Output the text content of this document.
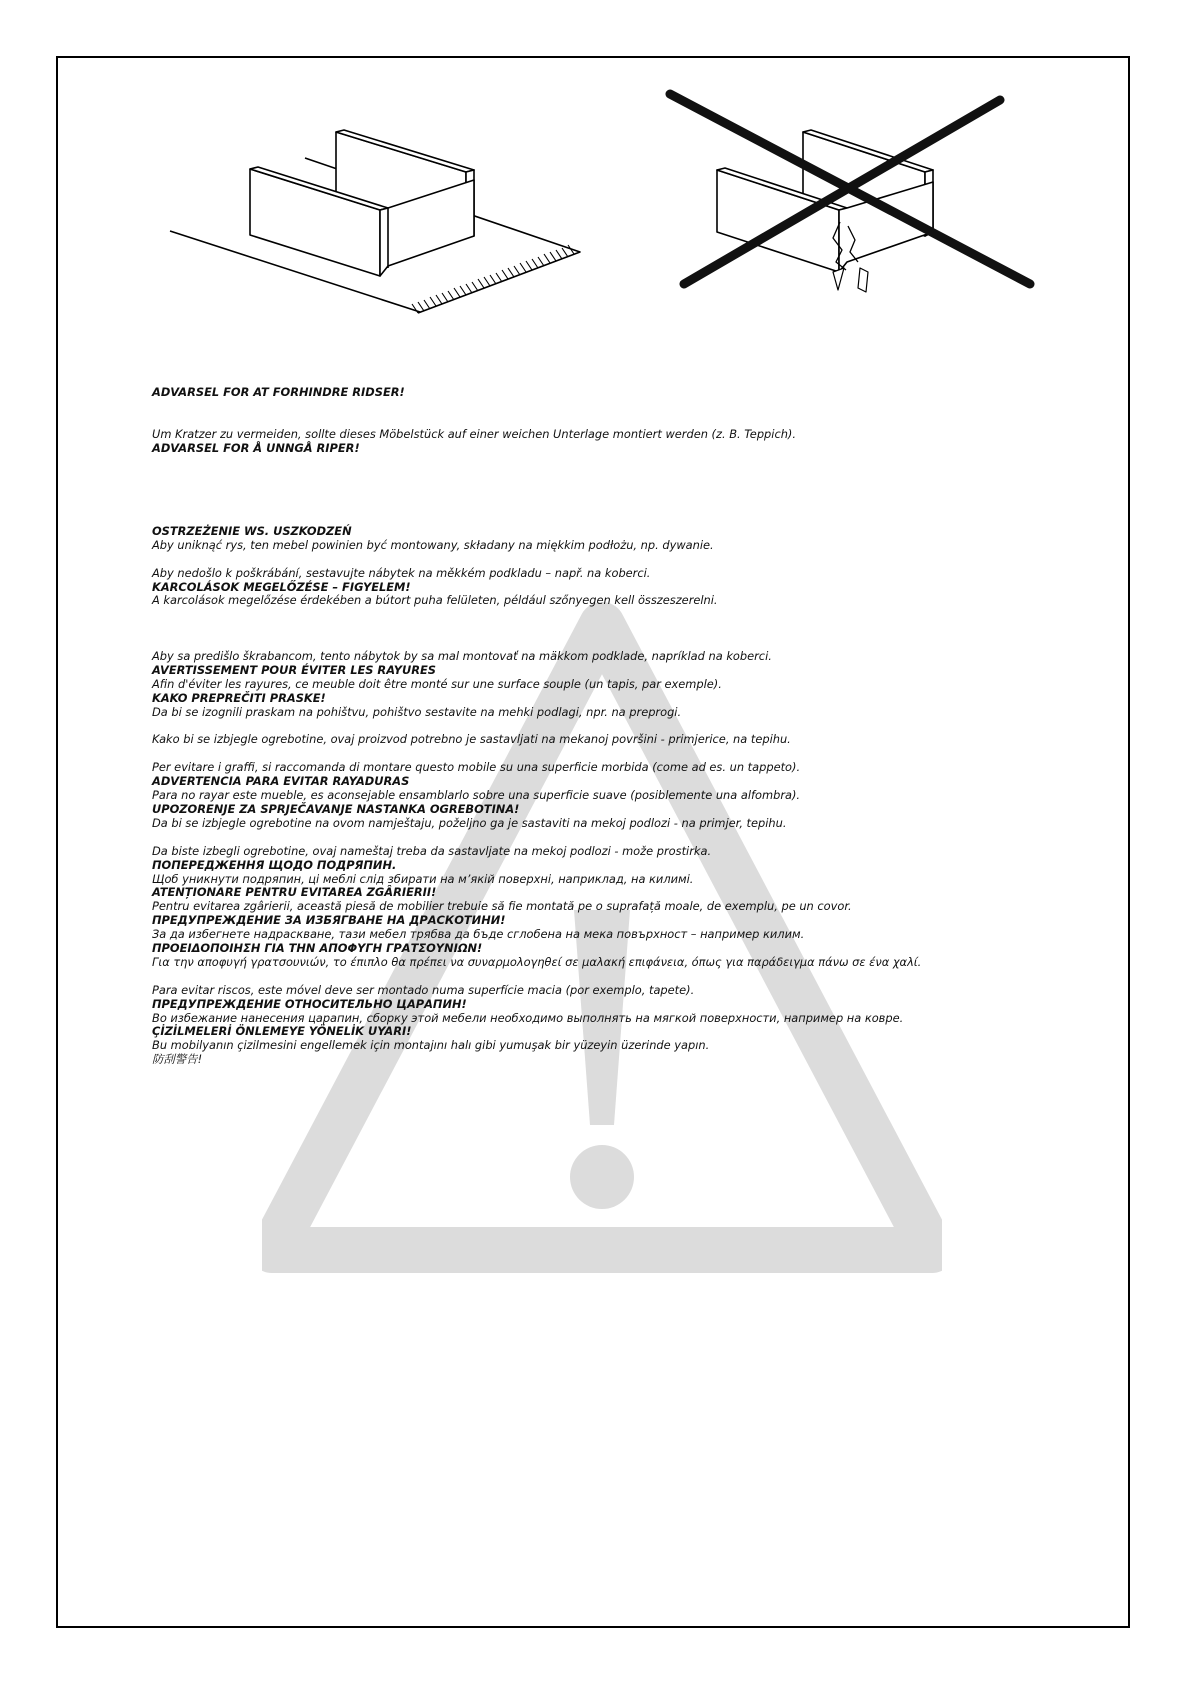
ADVARSEL FOR AT FORHINDRE RIDSER!
Um Kratzer zu vermeiden, sollte dieses Möbelstück auf einer weichen Unterlage montiert werden (z. B. Teppich).
ADVARSEL FOR Å UNNGÅ RIPER!
OSTRZEŻENIE WS. USZKODZEŃ
Aby uniknąć rys, ten mebel powinien być montowany, składany na miękkim podłożu, np. dywanie.
Aby nedošlo k poškrábání, sestavujte nábytek na měkkém podkladu – např. na koberci.
KARCOLÁSOK MEGELŐZÉSE – FIGYELEM!
A karcolások megelőzése érdekében a bútort puha felületen, például szőnyegen kell összeszerelni.
Aby sa predišlo škrabancom, tento nábytok by sa mal montovať na mäkkom podklade, napríklad na koberci.
AVERTISSEMENT POUR ÉVITER LES RAYURES
Afin d'éviter les rayures, ce meuble doit être monté sur une surface souple (un tapis, par exemple).
KAKO PREPREČITI PRASKE!
Da bi se izognili praskam na pohištvu, pohištvo sestavite na mehki podlagi, npr. na preprogi.
Kako bi se izbjegle ogrebotine, ovaj proizvod potrebno je sastavljati na mekanoj površini - primjerice, na tepihu.
Per evitare i graffi, si raccomanda di montare questo mobile su una superficie morbida (come ad es. un tappeto).
ADVERTENCIA PARA EVITAR RAYADURAS
Para no rayar este mueble, es aconsejable ensamblarlo sobre una superficie suave (posiblemente una alfombra).
UPOZORENJE ZA SPRJEČAVANJE NASTANKA OGREBOTINA!
Da bi se izbjegle ogrebotine na ovom namještaju, poželjno ga je sastaviti na mekoj podlozi - na primjer, tepihu.
Da biste izbegli ogrebotine, ovaj nameštaj treba da sastavljate na mekoj podlozi - može prostirka.
ПОПЕРЕДЖЕННЯ ЩОДО ПОДРЯПИН.
Щоб уникнути подряпин, ці меблі слід збирати на м’якій поверхні, наприклад, на килимі.
ATENȚIONARE PENTRU EVITAREA ZGÂRIERII!
Pentru evitarea zgârierii, această piesă de mobilier trebuie să fie montată pe o suprafață moale, de exemplu, pe un covor.
ПРЕДУПРЕЖДЕНИЕ ЗА ИЗБЯГВАНЕ НА ДРАСКОТИНИ!
За да избегнете надраскване, тази мебел трябва да бъде сглобена на мека повърхност – например килим.
ΠΡΟΕΙΔΟΠΟΙΗΣΗ ΓΙΑ ΤΗΝ ΑΠΟΦΥΓΗ ΓΡΑΤΣΟΥΝΙΩΝ!
Για την αποφυγή γρατσουνιών, το έπιπλο θα πρέπει να συναρμολογηθεί σε μαλακή επιφάνεια, όπως για παράδειγμα πάνω σε ένα χαλί.
Para evitar riscos, este móvel deve ser montado numa superfície macia (por exemplo, tapete).
ПРЕДУПРЕЖДЕНИЕ ОТНОСИТЕЛЬНО ЦАРАПИН!
Во избежание нанесения царапин, сборку этой мебели необходимо выполнять на мягкой поверхности, например на ковре.
ÇİZİLMELERİ ÖNLEMEYE YÖNELİK UYARI!
Bu mobilyanın çizilmesini engellemek için montajını halı gibi yumuşak bir yüzeyin üzerinde yapın.
防刮警告!
